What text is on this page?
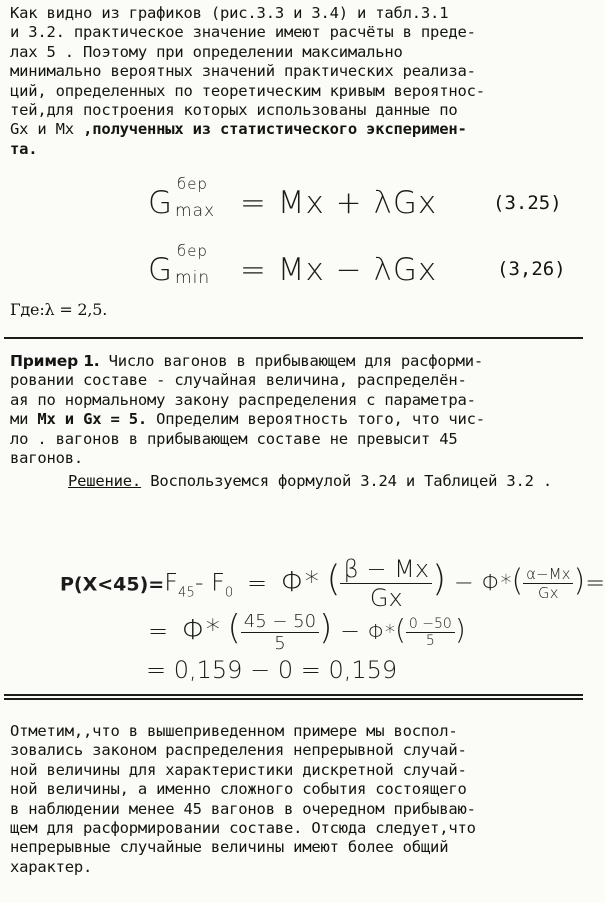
Как видно из графиков (рис.3.3 и 3.4) и табл.3.1
и 3.2. практическое значение имеют расчёты в преде-
лах 5 . Поэтому при определении максимально
минимально вероятных значений практических реализа-
ций, определенных по теоретическим кривым вероятнос-
тей,для построения которых использованы данные по
Gx и Mx ,полученных из статистического эксперимен-
та.
G
бер
max = Mx + λGx	(3.25)
G
бер
min = Mx − λGx	(3,26)
Где:λ = 2,5.
Пример 1. Число вагонов в прибывающем для расформи-
ровании составе - случайная величина, распределён-
ая по нормальному закону распределения с параметра-
ми Mx и Gx = 5. Определим вероятность того, что чис-
ло . вагонов в прибывающем составе не превысит 45
вагонов.
Решение. Воспользуемся формулой 3.24 и Таблицей 3.2 .
$P(X<45)=F_{45}-$ $F_0 = \Phi*$ ( $\frac{\beta - Mx}{Gx}$ ) − $\Phi*( \frac{\alpha-Mx}{Gx}$ )=
= Φ* ( $\frac{45 - 50}{5}$ ) − $\Phi*( \frac{0 -50}{5}$ )
= 0,159 − 0 = 0,159
Отметим,,что в вышеприведенном примере мы воспол-
зовались законом распределения непрерывной случай-
ной величины для характеристики дискретной случай-
ной величины, а именно сложного события состоящего
в наблюдении менее 45 вагонов в очередном прибываю-
щем для расформировании составе. Отсюда следует,что
непрерывные случайные величины имеют более общий
характер.
